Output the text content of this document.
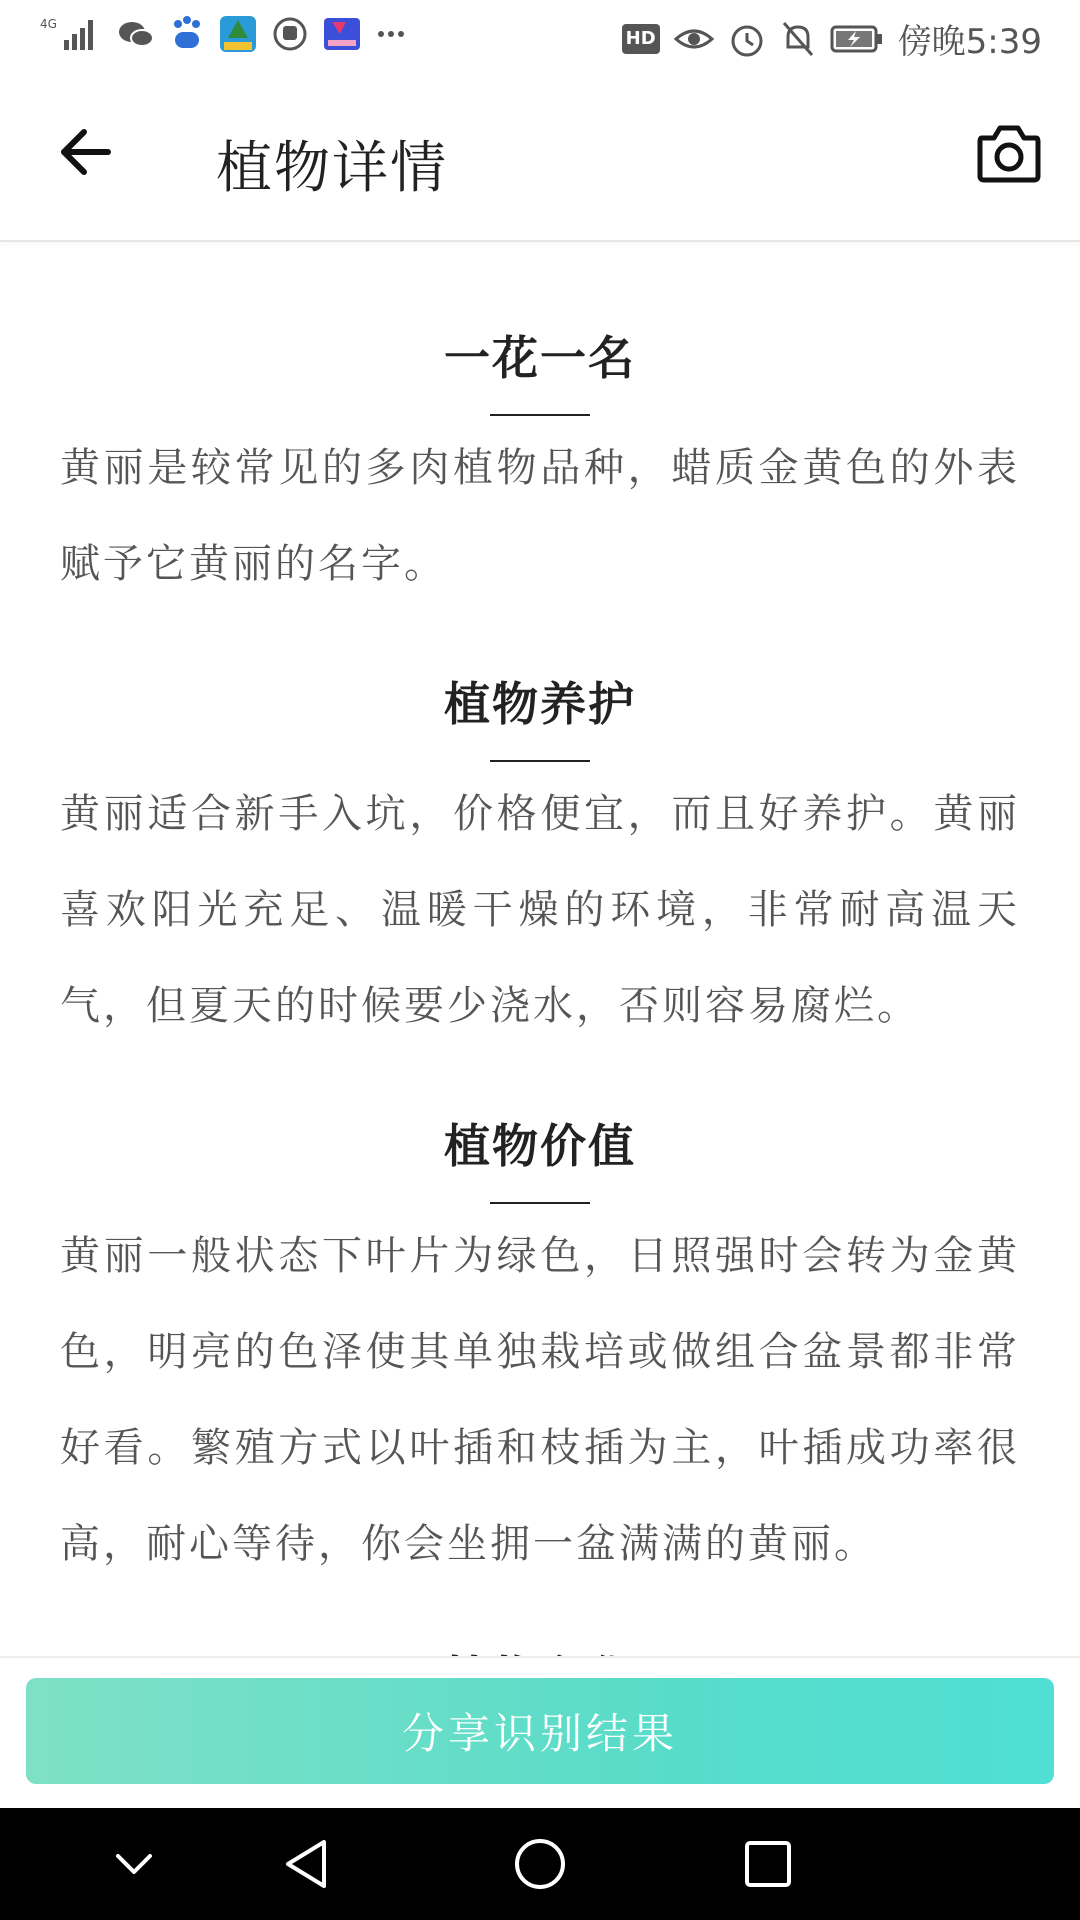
4G
HD	傍晚5:39
植物详情
一花一名
黄丽是较常见的多肉植物品种，蜡质金黄色的外表赋予它黄丽的名字。
植物养护
黄丽适合新手入坑，价格便宜，而且好养护。黄丽喜欢阳光充足、温暖干燥的环境，非常耐高温天气，但夏天的时候要少浇水，否则容易腐烂。
植物价值
黄丽一般状态下叶片为绿色，日照强时会转为金黄色，明亮的色泽使其单独栽培或做组合盆景都非常好看。繁殖方式以叶插和枝插为主，叶插成功率很高，耐心等待，你会坐拥一盆满满的黄丽。
分享识别结果
